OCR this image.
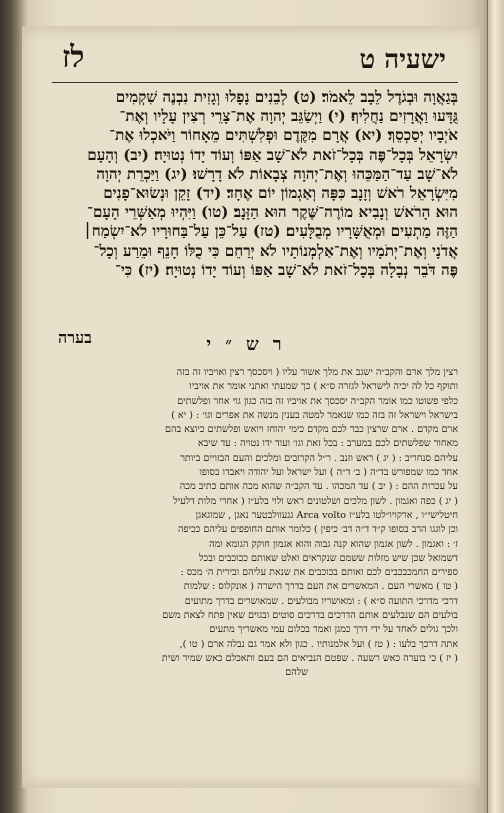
ישעיה ט
לז
בְּגַאֲוָה וּבְגֹדֶל לֵבָב לֵאמֹר׃ (ט) לְבֵנִים נָפָלוּ וְגָזִית נִבְנֶה שִׁקְמִים
גֻּדָּעוּ וַאֲרָזִים נַחֲלִיף׃ (י) וַיְשַׂגֵּב יְהוָה אֶת־צָרֵי רְצִין עָלָיו וְאֶת־
אֹיְבָיו יְסַכְסֵךְ׃ (יא) אֲרָם מִקֶּדֶם וּפְלִשְׁתִּים מֵאָחוֹר וַיֹּאכְלוּ אֶת־
יִשְׂרָאֵל בְּכָל־פֶּה בְּכָל־זֹאת לֹא־שָׁב אַפּוֹ וְעוֹד יָדוֹ נְטוּיָה׃ (יב) וְהָעָם
לֹא־שָׁב עַד־הַמַּכֵּהוּ וְאֶת־יְהוָה צְבָאוֹת לֹא דָרָשׁוּ׃ (יג) וַיַּכְרֵת יְהוָה
מִיִּשְׂרָאֵל רֹאשׁ וְזָנָב כִּפָּה וְאַגְמוֹן יוֹם אֶחָד׃ (יד) זָקֵן וּנְשׂוּא־פָנִים
הוּא הָרֹאשׁ וְנָבִיא מוֹרֶה־שֶּׁקֶר הוּא הַזָּנָב׃ (טו) וַיִּהְיוּ מְאַשְּׁרֵי הָעָם־
הַזֶּה מַתְעִים וּמְאֻשָּׁרָיו מְבֻלָּעִים׃ (טז) עַל־כֵּן עַל־בַּחוּרָיו לֹא־יִשְׂמַח׀
אֲדֹנָי וְאֶת־יְתֹמָיו וְאֶת־אַלְמְנוֹתָיו לֹא יְרַחֵם כִּי כֻלּוֹ חָנֵף וּמֵרַע וְכָל־
פֶּה דֹּבֵר נְבָלָה בְּכָל־זֹאת לֹא־שָׁב אַפּוֹ וְעוֹד יָדוֹ נְטוּיָה׃ (יז) כִּי־
בערה	רש״י
רצין מלך ארם והקב״ה ישגב את מלך אשור עליו ( ויסכסך רצין ואויביו זה בזה
ותוקף כל לה יכיה לישראל לגזרה ס״א ) כך שמעתי ואתני אומר את אויביו
כלפי פשוטו כמו אומר הקב״ה יסכסך את אויביו זה בזה כגון גוי אחר ופלשתים
בישראל וישראל זה בזה כמו שנאמר למטה בענין מנשה את אפרים וגו׳ : ( יא )
ארם מקדם . ארם שרצין כבר לכם מקדם כימי יהוחז ויואש ופלשתים כיוצא בהם
מאחור שפלשתים לכם במערב : בכל זאת וגו׳ ועוד ידו נטויה : עד שיבא
עליהם סנחריב : ( יג ) ראש וזנב . ר״ל הקרובים ומלכים והעם הבזויים ביותר
אחד כמו שמפורש בד״ה ( ב׳ ד״ה ) ועל ישראל ועל יהודה ויאבדו בסופו
על עכרות ההם : ( יב ) עד המכהו . עד הקב״ה שהוא מכה אותם כתיב מכה
( יג ) כפה ואגמון . לשון מלכים ושלטונים ראש ולוי בלע״ז ( אחרי מלות דלעיל
חיטלישי״ו , ארקויו״לטו בלע״ז Arca volto גגעוולבטער נאגן , שמוגאגן
וכן לוגגו הרב בסופו ק״ד ד״ה דב׳ כיפין ) כלומר אותם החופפים עליהם ככיפה
ז׳ : ואגמון . לשון אגמון שהוא קנה גבוה והוא אגמון חוקק הגומא ומה
דשמואל שכן שיש מזלות ששמם שנקראים ואלט שאותם ככוכבים ובכל
ספירים החמכבכבים לכם ואותם בכוכבים את שנאת עליהם ובירית ה׳ מכס :
( טו ) מאשרי העם . המאשרים את העם בדרך הישרה ( אונקלוס : שלמות
דרכי מדרכי התועה ס״א ) : ומאושריו מבולעים . שמאושרים בדרך מתועים
בולעים הם שנבלעים אותם הדרכים בדרכים סוטים ובגוים שאין פתח לצאת משם
ולכך גולים לאחד על ידי דרך כמגן ואמר בכלום עמי מאשריך מתעים
אתה דרכך בלעו : ( טז ) ועל אלמנותיו . כגון ולא אמר גם נבלה ארם ( טו ),
( יז ) כי בוערה כאש רשעה . שפטם הנביאים הם בעם ותאכלם כאש שמיר ושית
שלהם
